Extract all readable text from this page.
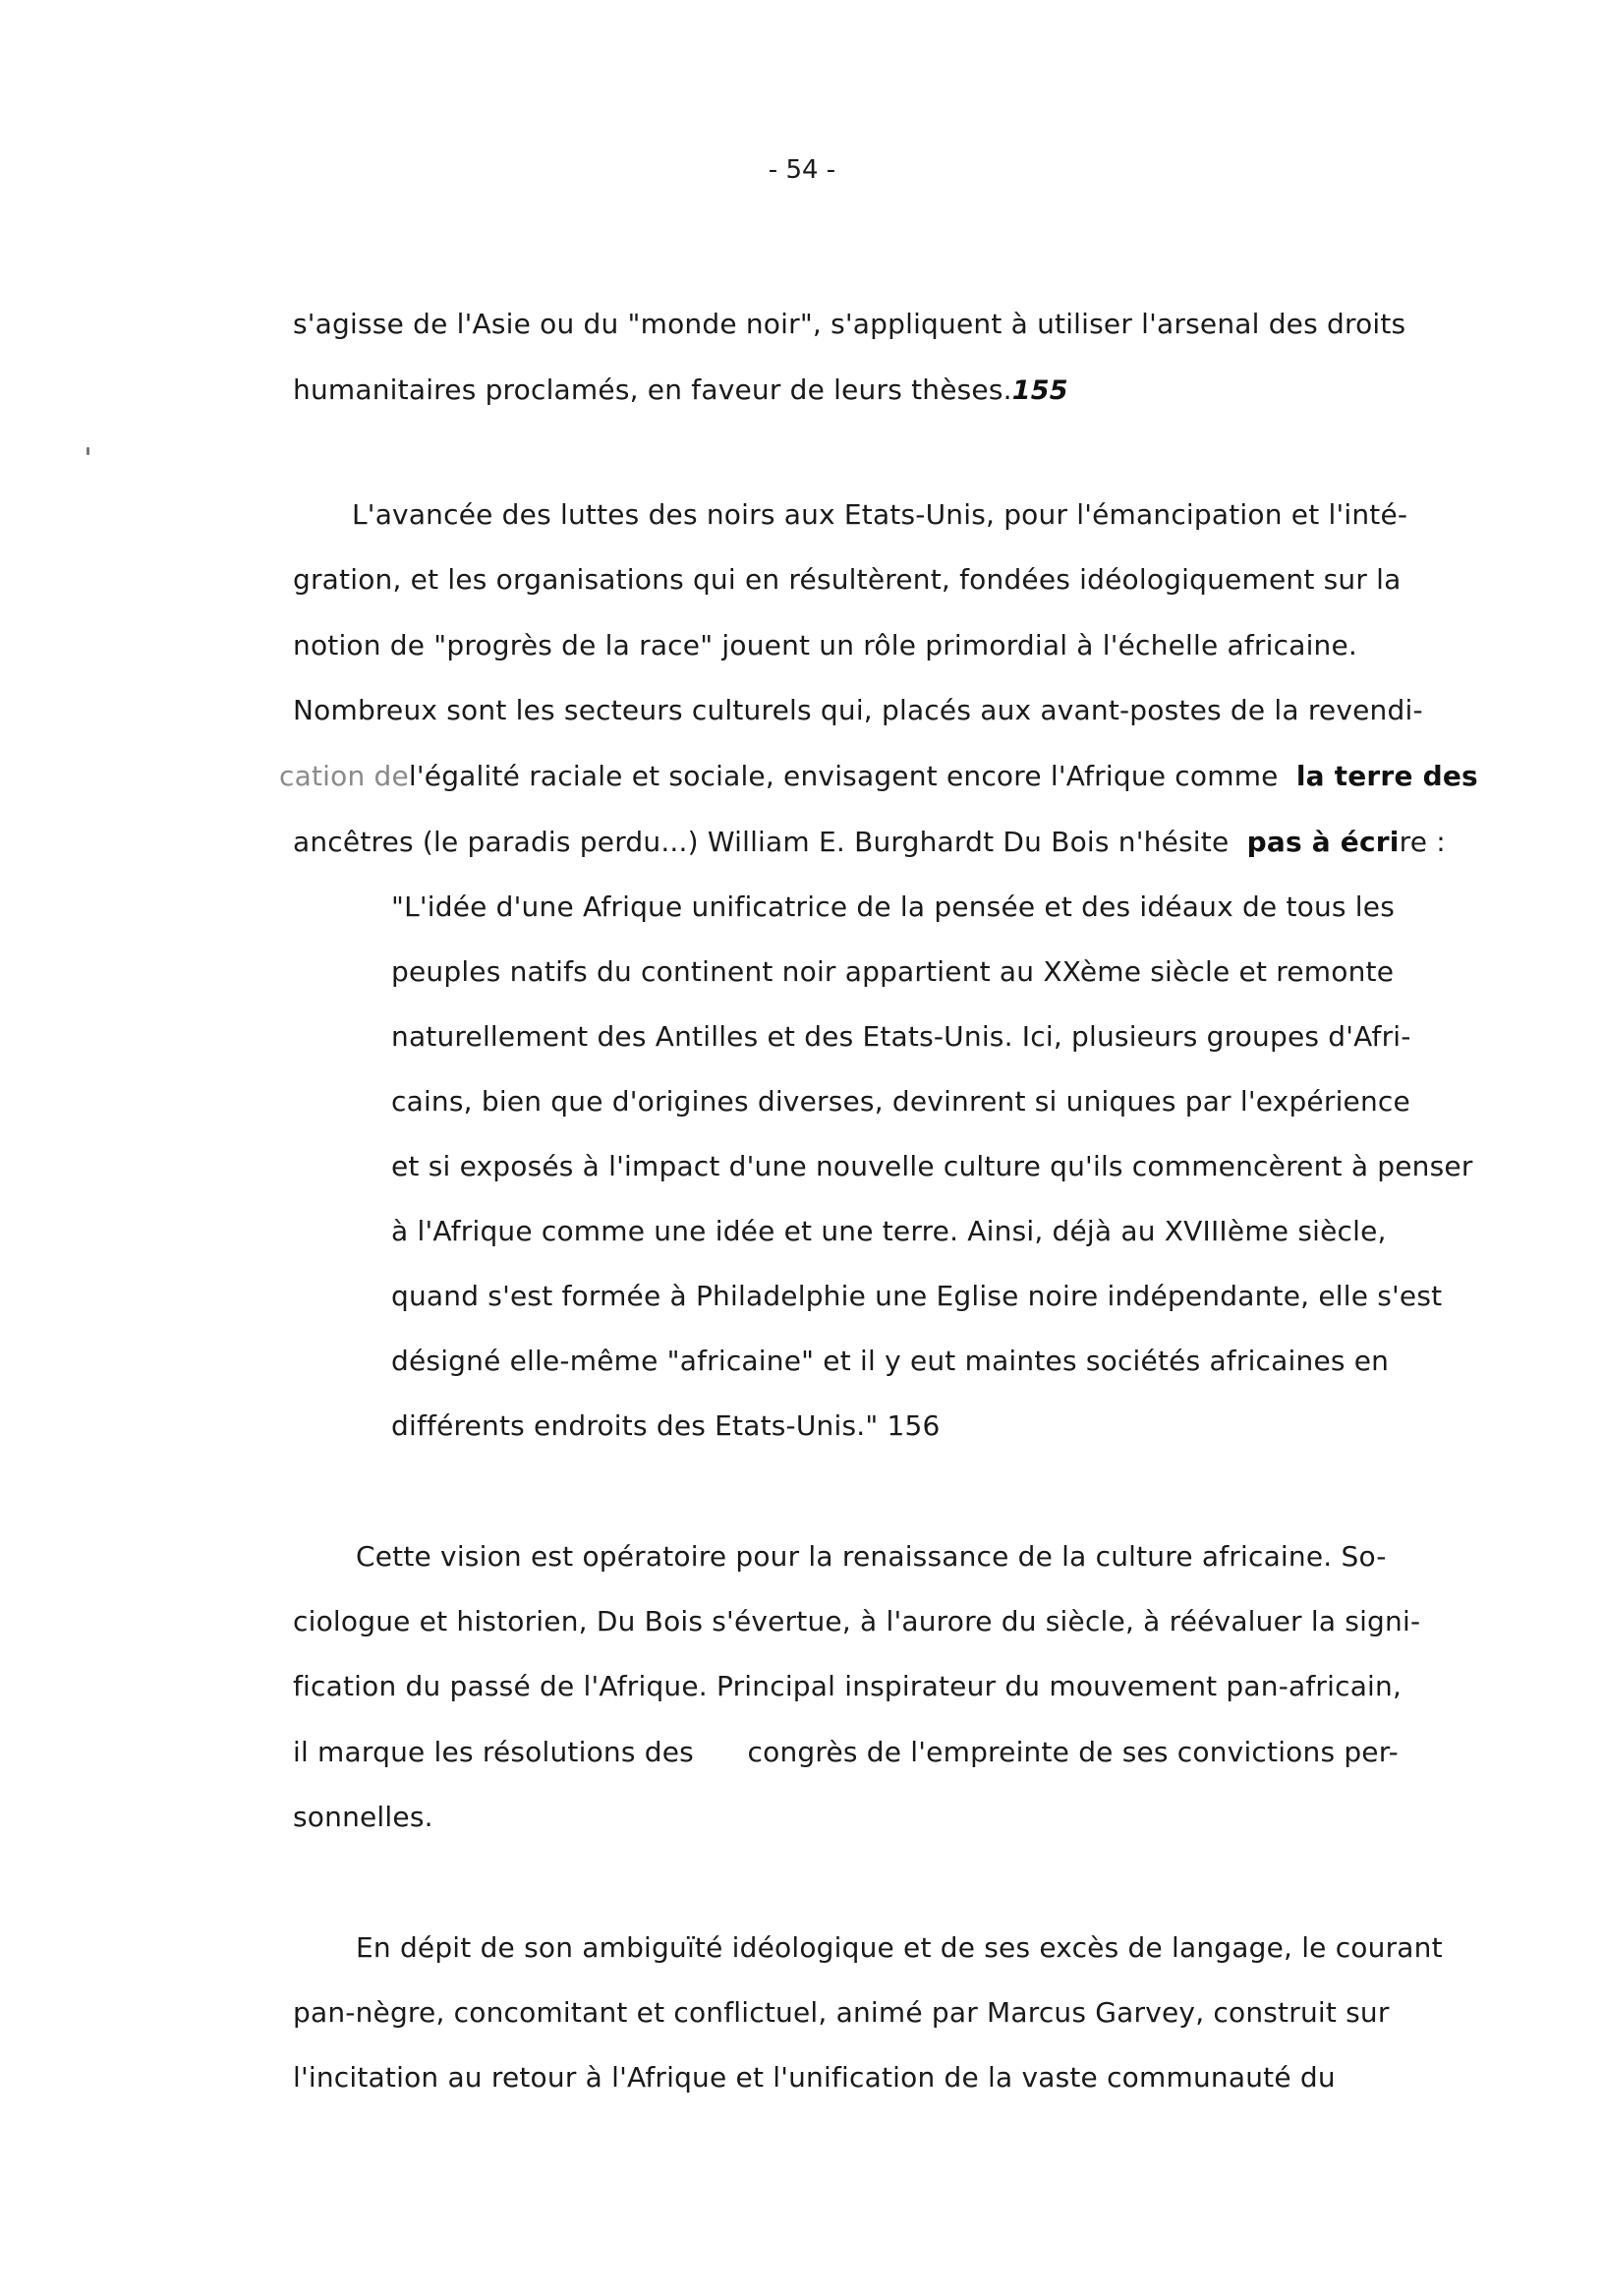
- 54 -
s'agisse de l'Asie ou du "monde noir", s'appliquent à utiliser l'arsenal des droits
humanitaires proclamés, en faveur de leurs thèses.155
L'avancée des luttes des noirs aux Etats-Unis, pour l'émancipation et l'inté-
gration, et les organisations qui en résultèrent, fondées idéologiquement sur la
notion de "progrès de la race" jouent un rôle primordial à l'échelle africaine.
Nombreux sont les secteurs culturels qui, placés aux avant-postes de la revendi-
cation del'égalité raciale et sociale, envisagent encore l'Afrique comme la terre des
ancêtres (le paradis perdu...) William E. Burghardt Du Bois n'hésite pas à écrire :
"L'idée d'une Afrique unificatrice de la pensée et des idéaux de tous les
peuples natifs du continent noir appartient au XXème siècle et remonte
naturellement des Antilles et des Etats-Unis. Ici, plusieurs groupes d'Afri-
cains, bien que d'origines diverses, devinrent si uniques par l'expérience
et si exposés à l'impact d'une nouvelle culture qu'ils commencèrent à penser
à l'Afrique comme une idée et une terre. Ainsi, déjà au XVIIIème siècle,
quand s'est formée à Philadelphie une Eglise noire indépendante, elle s'est
désigné elle-même "africaine" et il y eut maintes sociétés africaines en
différents endroits des Etats-Unis." 156
Cette vision est opératoire pour la renaissance de la culture africaine. So-
ciologue et historien, Du Bois s'évertue, à l'aurore du siècle, à réévaluer la signi-
fication du passé de l'Afrique. Principal inspirateur du mouvement pan-africain,
il marque les résolutions des      congrès de l'empreinte de ses convictions per-
sonnelles.
En dépit de son ambiguïté idéologique et de ses excès de langage, le courant
pan-nègre, concomitant et conflictuel, animé par Marcus Garvey, construit sur
l'incitation au retour à l'Afrique et l'unification de la vaste communauté du
